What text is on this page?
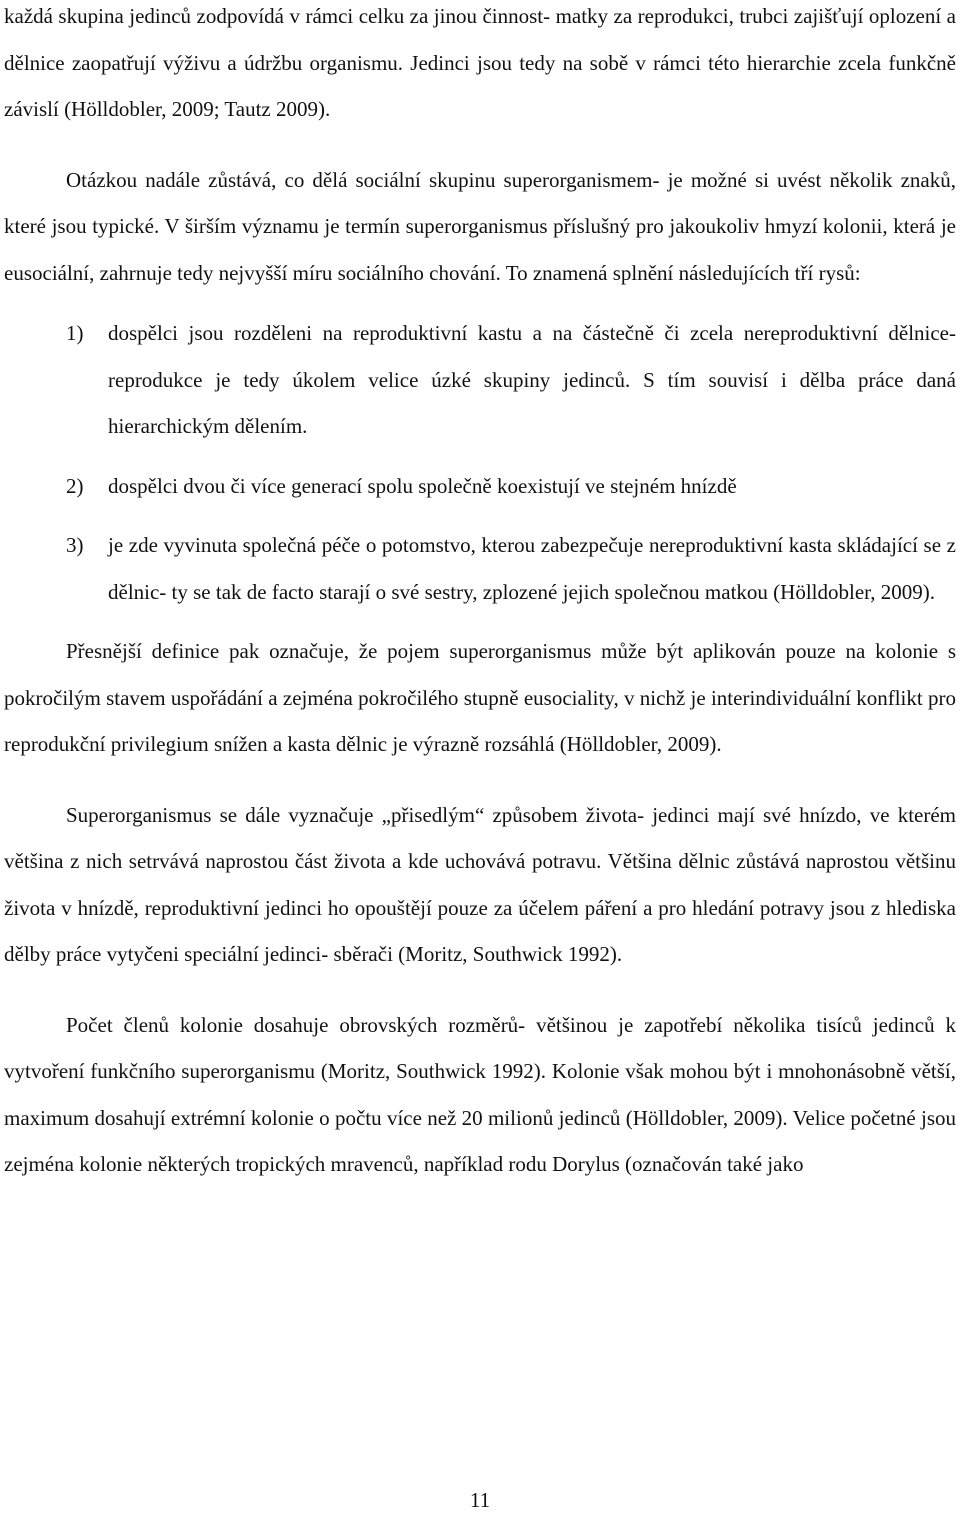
každá skupina jedinců zodpovídá v rámci celku za jinou činnost- matky za reprodukci, trubci zajišťují oplození a dělnice zaopatřují výživu a údržbu organismu. Jedinci jsou tedy na sobě v rámci této hierarchie zcela funkčně závislí (Hölldobler, 2009; Tautz 2009).

Otázkou nadále zůstává, co dělá sociální skupinu superorganismem- je možné si uvést několik znaků, které jsou typické. V širším významu je termín superorganismus příslušný pro jakoukoliv hmyzí kolonii, která je eusociální, zahrnuje tedy nejvyšší míru sociálního chování. To znamená splnění následujících tří rysů:

1) dospělci jsou rozděleni na reproduktivní kastu a na částečně či zcela nereproduktivní dělnice- reprodukce je tedy úkolem velice úzké skupiny jedinců. S tím souvisí i dělba práce daná hierarchickým dělením.
2) dospělci dvou či více generací spolu společně koexistují ve stejném hnízdě
3) je zde vyvinuta společná péče o potomstvo, kterou zabezpečuje nereproduktivní kasta skládající se z dělnic- ty se tak de facto starají o své sestry, zplozené jejich společnou matkou (Hölldobler, 2009).

Přesnější definice pak označuje, že pojem superorganismus může být aplikován pouze na kolonie s pokročilým stavem uspořádání a zejména pokročilého stupně eusociality, v nichž je interindividuální konflikt pro reprodukční privilegium snížen a kasta dělnic je výrazně rozsáhlá (Hölldobler, 2009).

Superorganismus se dále vyznačuje „přisedlým“ způsobem života- jedinci mají své hnízdo, ve kterém většina z nich setrvává naprostou část života a kde uchovává potravu. Většina dělnic zůstává naprostou většinu života v hnízdě, reproduktivní jedinci ho opouštějí pouze za účelem páření a pro hledání potravy jsou z hlediska dělby práce vytyčeni speciální jedinci- sběrači (Moritz, Southwick 1992).

Počet členů kolonie dosahuje obrovských rozměrů- většinou je zapotřebí několika tisíců jedinců k vytvoření funkčního superorganismu (Moritz, Southwick 1992). Kolonie však mohou být i mnohonásobně větší, maximum dosahují extrémní kolonie o počtu více než 20 milionů jedinců (Hölldobler, 2009). Velice početné jsou zejména kolonie některých tropických mravenců, například rodu Dorylus (označován také jako

11
